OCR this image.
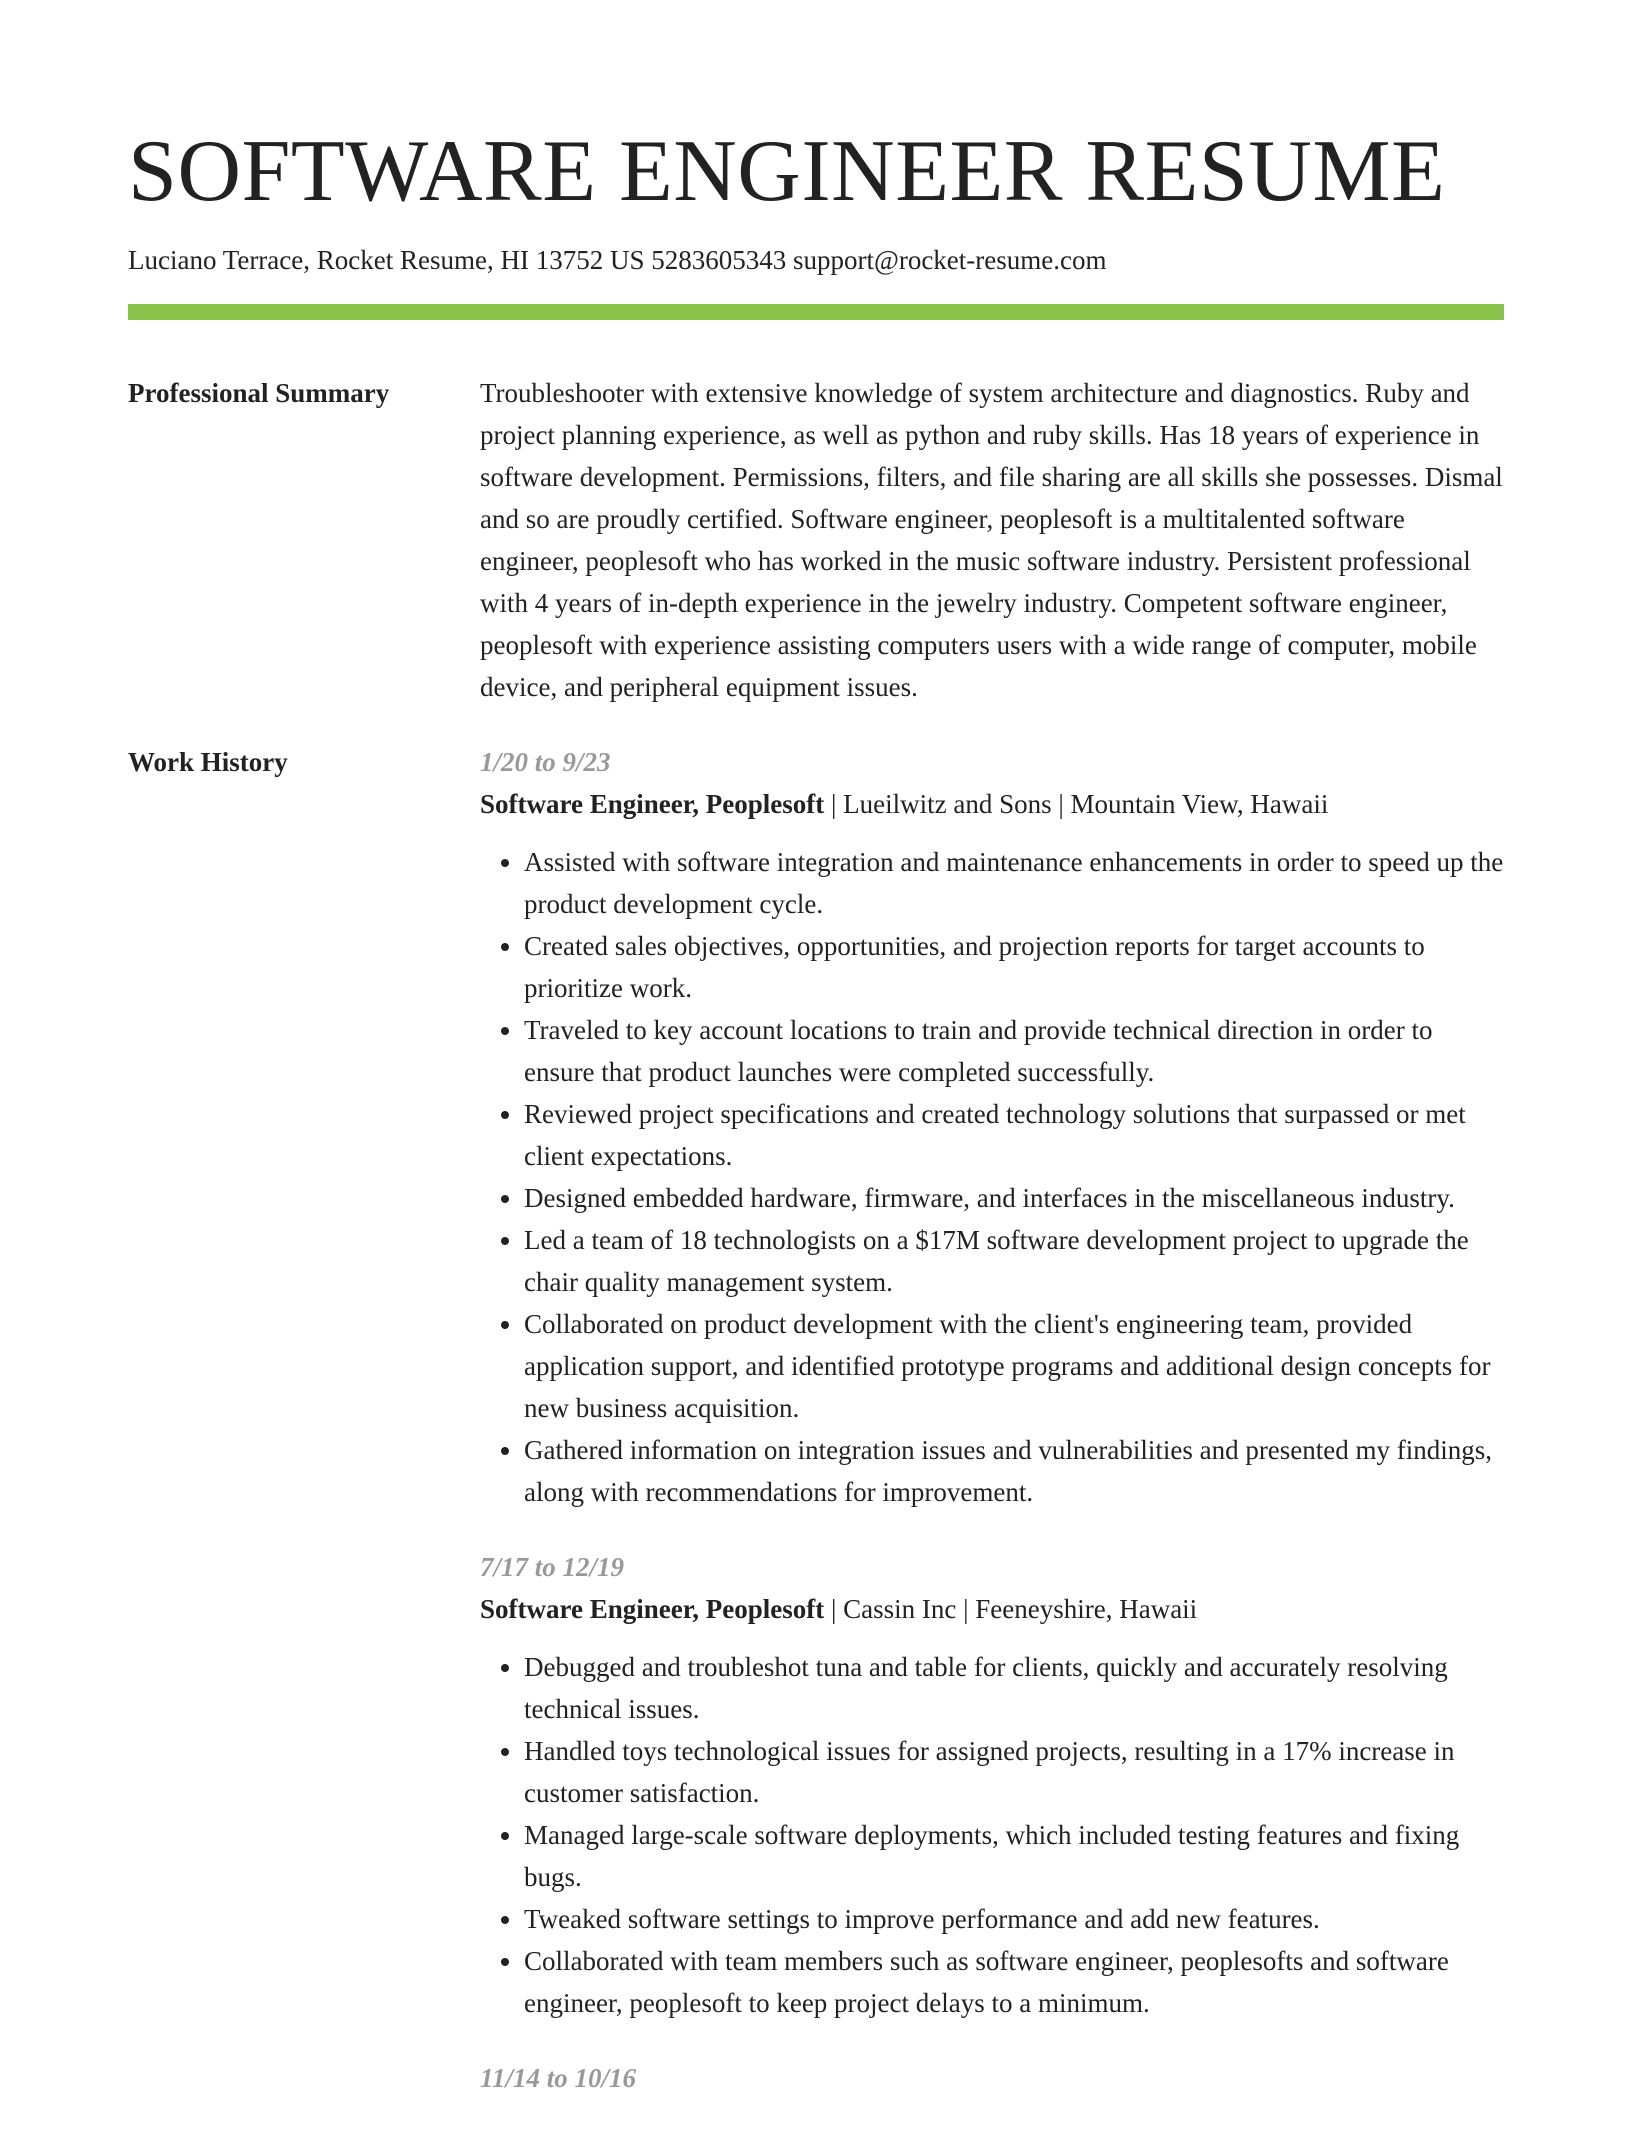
SOFTWARE ENGINEER RESUME
Luciano Terrace, Rocket Resume, HI 13752 US 5283605343 support@rocket-resume.com
Professional Summary	Troubleshooter with extensive knowledge of system architecture and diagnostics. Ruby and project planning experience, as well as python and ruby skills. Has 18 years of experience in software development. Permissions, filters, and file sharing are all skills she possesses. Dismal and so are proudly certified. Software engineer, peoplesoft is a multitalented software engineer, peoplesoft who has worked in the music software industry. Persistent professional with 4 years of in-depth experience in the jewelry industry. Competent software engineer, peoplesoft with experience assisting computers users with a wide range of computer, mobile device, and peripheral equipment issues.

Work History	1/20 to 9/23
Software Engineer, Peoplesoft | Lueilwitz and Sons | Mountain View, Hawaii
• Assisted with software integration and maintenance enhancements in order to speed up the product development cycle.
• Created sales objectives, opportunities, and projection reports for target accounts to prioritize work.
• Traveled to key account locations to train and provide technical direction in order to ensure that product launches were completed successfully.
• Reviewed project specifications and created technology solutions that surpassed or met client expectations.
• Designed embedded hardware, firmware, and interfaces in the miscellaneous industry.
• Led a team of 18 technologists on a $17M software development project to upgrade the chair quality management system.
• Collaborated on product development with the client's engineering team, provided application support, and identified prototype programs and additional design concepts for new business acquisition.
• Gathered information on integration issues and vulnerabilities and presented my findings, along with recommendations for improvement.
7/17 to 12/19
Software Engineer, Peoplesoft | Cassin Inc | Feeneyshire, Hawaii
• Debugged and troubleshot tuna and table for clients, quickly and accurately resolving technical issues.
• Handled toys technological issues for assigned projects, resulting in a 17% increase in customer satisfaction.
• Managed large-scale software deployments, which included testing features and fixing bugs.
• Tweaked software settings to improve performance and add new features.
• Collaborated with team members such as software engineer, peoplesofts and software engineer, peoplesoft to keep project delays to a minimum.
11/14 to 10/16
